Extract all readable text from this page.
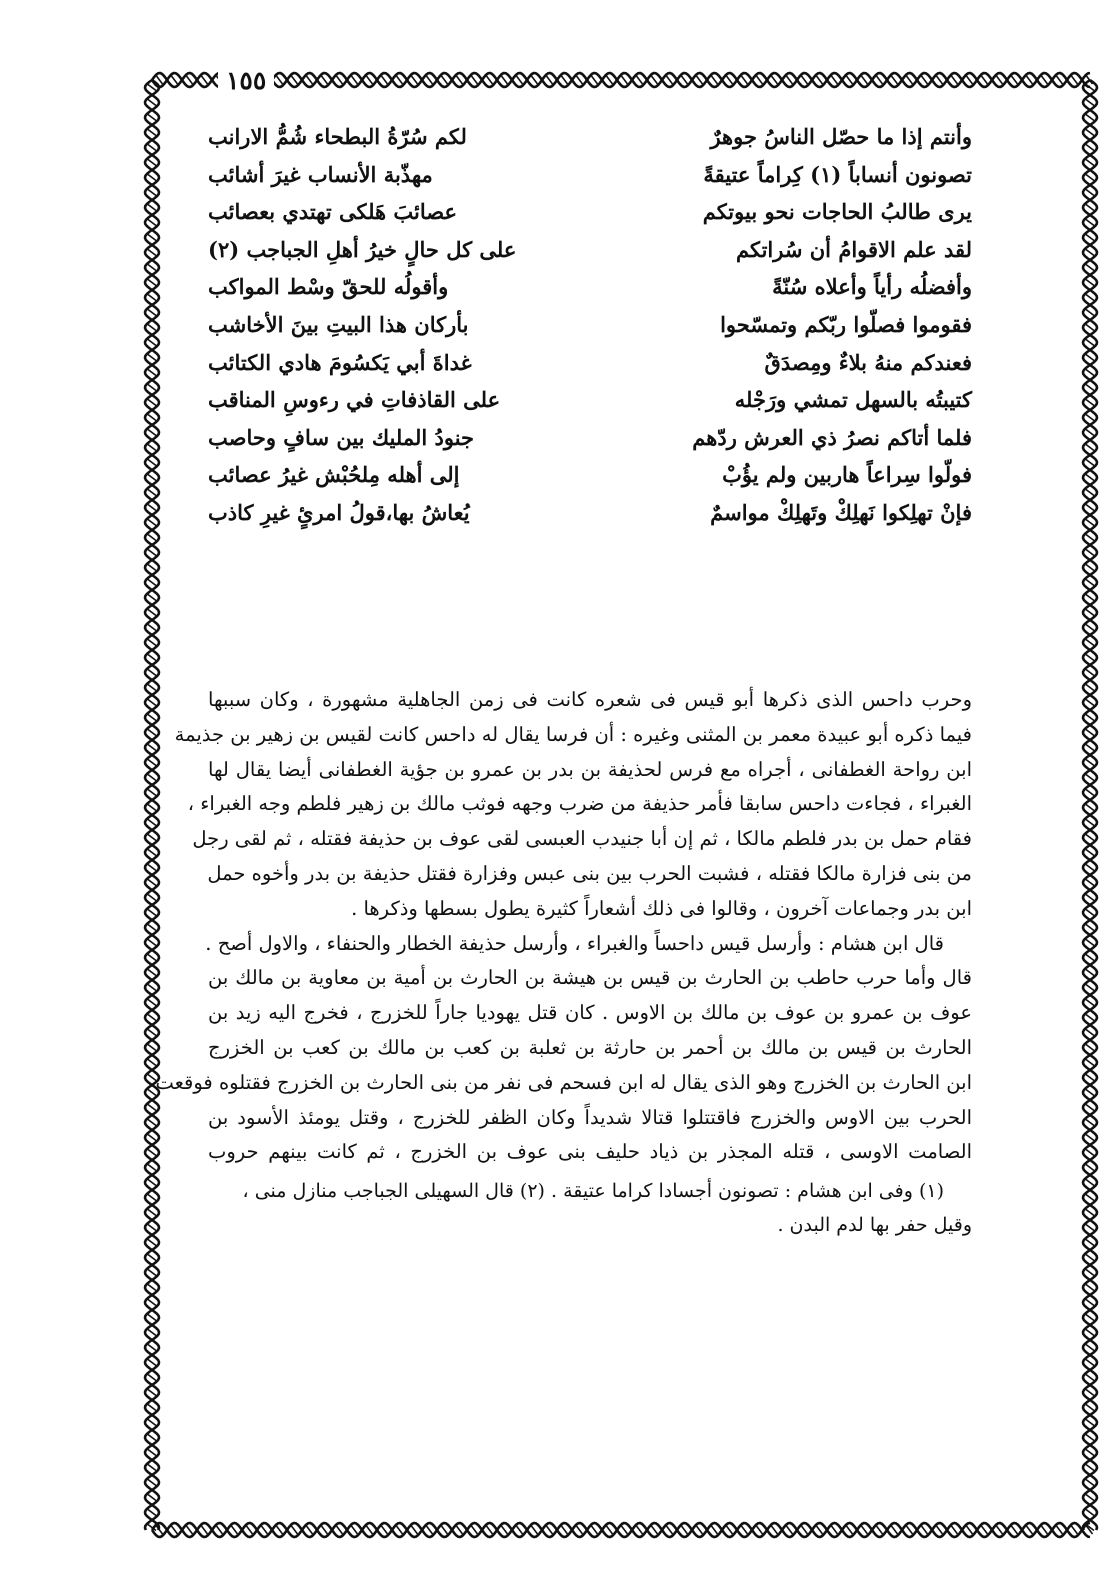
١٥٥
وأنتم إذا ما حصّل الناسُ جوهرٌ
لكم سُرّةُ البطحاء شُمُّ الارانب
تصونون أنساباً (١) كِراماً عتيقةً
مهذّبة الأنساب غيرَ أشائب
يرى طالبُ الحاجات نحو بيوتكم
عصائبَ هَلكى تهتدي بعصائب
لقد علم الاقوامُ أن سُراتكم
على كل حالٍ خيرُ أهلِ الجباجب (٢)
وأفضلُه رأياً وأعلاه سُنّةً
وأقولُه للحقّ وسْط المواكب
فقوموا فصلّوا ربّكم وتمسّحوا
بأركان هذا البيتِ بينَ الأخاشب
فعندكم منهُ بلاءٌ ومِصدَقٌ
غداةَ أبي يَكسُومَ هادي الكتائب
كتيبتُه بالسهل تمشي ورَجْله
على القاذفاتِ في رءوسِ المناقب
فلما أتاكم نصرُ ذي العرش ردّهم
جنودُ المليك بين سافٍ وحاصب
فولّوا سِراعاً هاربين ولم يؤُبْ
إلى أهله مِلحُبْش غيرُ عصائب
فإنْ تهلِكوا نَهلِكْ وتَهلِكْ مواسمٌ
يُعاشُ بها،قولُ امرئٍ غيرِ كاذب
وحرب داحس الذى ذكرها أبو قيس فى شعره كانت فى زمن الجاهلية مشهورة ، وكان سببها
فيما ذكره أبو عبيدة معمر بن المثنى وغيره : أن فرسا يقال له داحس كانت لقيس بن زهير بن جذيمة
ابن رواحة الغطفانى ، أجراه مع فرس لحذيفة بن بدر بن عمرو بن جؤية الغطفانى أيضا يقال لها
الغبراء ، فجاءت داحس سابقا فأمر حذيفة من ضرب وجهه فوثب مالك بن زهير فلطم وجه الغبراء ،
فقام حمل بن بدر فلطم مالكا ، ثم إن أبا جنيدب العبسى لقى عوف بن حذيفة فقتله ، ثم لقى رجل
من بنى فزارة مالكا فقتله ، فشبت الحرب بين بنى عبس وفزارة فقتل حذيفة بن بدر وأخوه حمل
ابن بدر وجماعات آخرون ، وقالوا فى ذلك أشعاراً كثيرة يطول بسطها وذكرها .
قال ابن هشام : وأرسل قيس داحساً والغبراء ، وأرسل حذيفة الخطار والحنفاء ، والاول أصح .
قال وأما حرب حاطب بن الحارث بن قيس بن هيشة بن الحارث بن أمية بن معاوية بن مالك بن
عوف بن عمرو بن عوف بن مالك بن الاوس . كان قتل يهوديا جاراً للخزرج ، فخرج اليه زيد بن
الحارث بن قيس بن مالك بن أحمر بن حارثة بن ثعلبة بن كعب بن مالك بن كعب بن الخزرج
ابن الحارث بن الخزرج وهو الذى يقال له ابن فسحم فى نفر من بنى الحارث بن الخزرج فقتلوه فوقعت
الحرب بين الاوس والخزرج فاقتتلوا قتالا شديداً وكان الظفر للخزرج ، وقتل يومئذ الأسود بن
الصامت الاوسى ، قتله المجذر بن ذياد حليف بنى عوف بن الخزرج ، ثم كانت بينهم حروب
(١) وفى ابن هشام : تصونون أجسادا كراما عتيقة . (٢) قال السهيلى الجباجب منازل منى ،
وقيل حفر بها لدم البدن .
